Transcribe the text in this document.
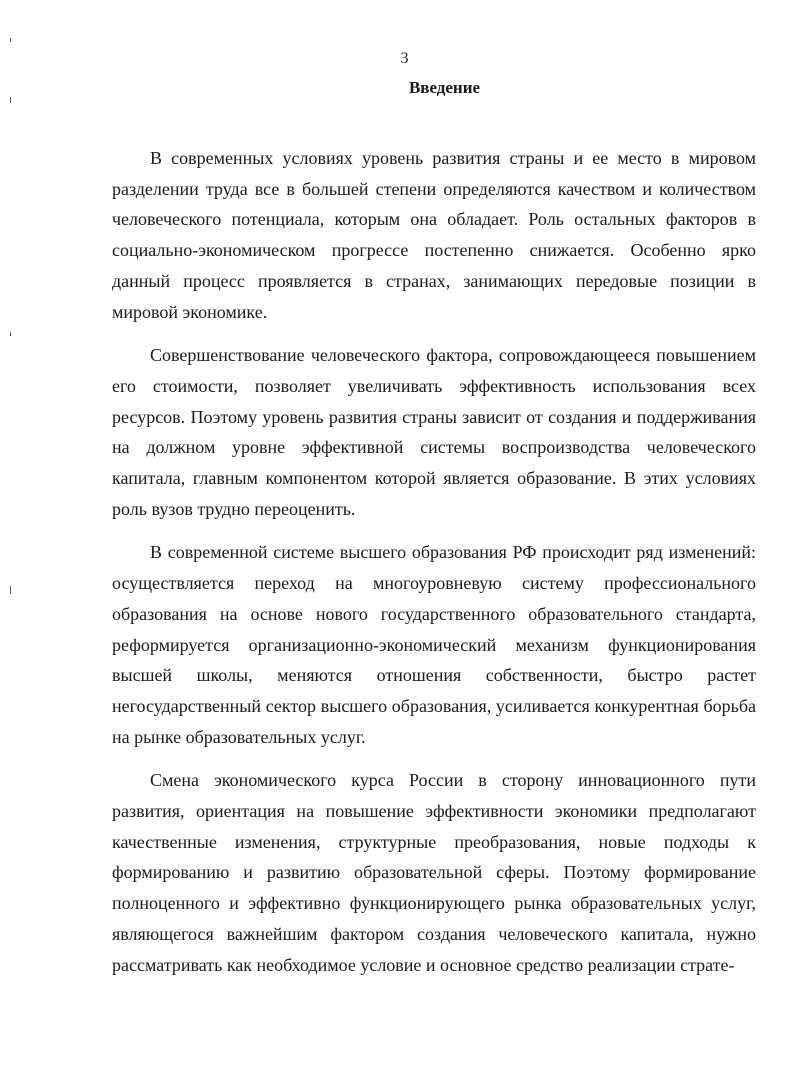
3
Введение

В современных условиях уровень развития страны и ее место в мировом разделении труда все в большей степени определяются качеством и количеством человеческого потенциала, которым она обладает. Роль остальных факторов в социально-экономическом прогрессе постепенно снижается. Особенно ярко данный процесс проявляется в странах, занимающих передовые позиции в мировой экономике.

Совершенствование человеческого фактора, сопровождающееся повышением его стоимости, позволяет увеличивать эффективность использования всех ресурсов. Поэтому уровень развития страны зависит от создания и поддерживания на должном уровне эффективной системы воспроизводства человеческого капитала, главным компонентом которой является образование. В этих условиях роль вузов трудно переоценить.

В современной системе высшего образования РФ происходит ряд изменений: осуществляется переход на многоуровневую систему профессионального образования на основе нового государственного образовательного стандарта, реформируется организационно-экономический механизм функционирования высшей школы, меняются отношения собственности, быстро растет негосударственный сектор высшего образования, усиливается конкурентная борьба на рынке образовательных услуг.

Смена экономического курса России в сторону инновационного пути развития, ориентация на повышение эффективности экономики предполагают качественные изменения, структурные преобразования, новые подходы к формированию и развитию образовательной сферы. Поэтому формирование полноценного и эффективно функционирующего рынка образовательных услуг, являющегося важнейшим фактором создания человеческого капитала, нужно рассматривать как необходимое условие и основное средство реализации страте-
